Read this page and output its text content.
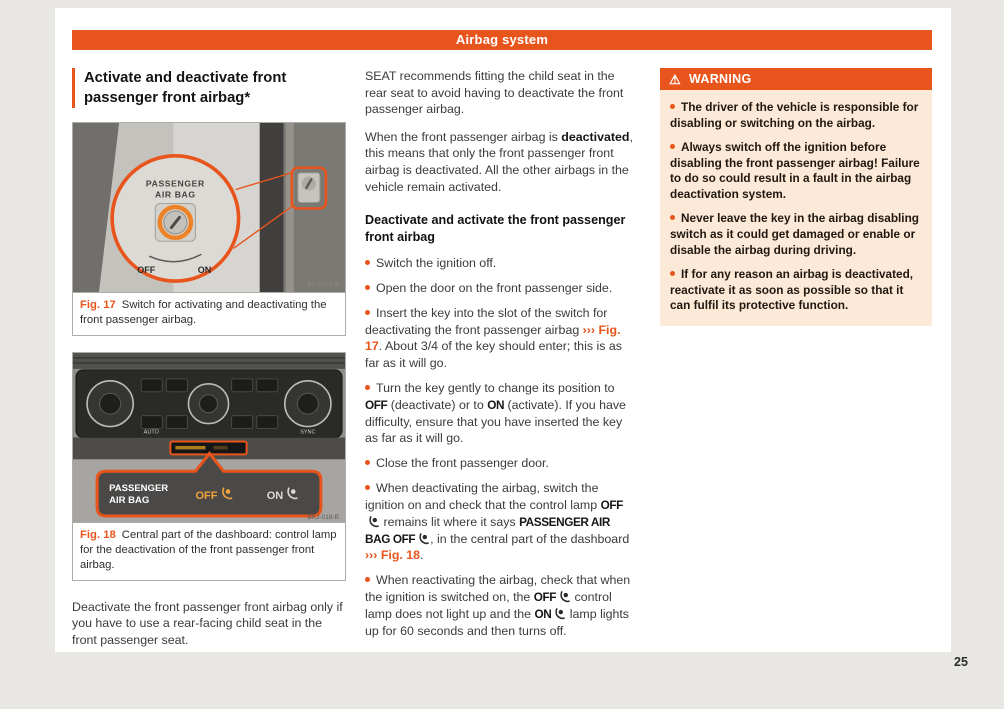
Airbag system
Activate and deactivate front passenger front airbag*
PASSENGER
AIR BAG
OFF	ON
BKJ-016-B
Fig. 17 Switch for activating and deactivating the front passenger airbag.
AUTO	SYNC
PASSENGER
AIR BAG	OFF	ON
BKJ-018-B
Fig. 18 Central part of the dashboard: control lamp for the deactivation of the front passenger front airbag.

Deactivate the front passenger front airbag only if you have to use a rear-facing child seat in the front passenger seat.

SEAT recommends fitting the child seat in the rear seat to avoid having to deactivate the front passenger airbag.

When the front passenger airbag is deactivated, this means that only the front passenger front airbag is deactivated. All the other airbags in the vehicle remain activated.

Deactivate and activate the front passenger front airbag

Switch the ignition off.

Open the door on the front passenger side.

Insert the key into the slot of the switch for deactivating the front passenger airbag ››› Fig. 17. About 3/4 of the key should enter; this is as far as it will go.

Turn the key gently to change its position to OFF (deactivate) or to ON (activate). If you have difficulty, ensure that you have inserted the key as far as it will go.

Close the front passenger door.

When deactivating the airbag, switch the ignition on and check that the control lamp OFF
remains lit where it says PASSENGER AIR BAG OFF , in the central part of the dashboard ››› Fig. 18.

When reactivating the airbag, check that when the ignition is switched on, the OFF
control lamp does not light up and the ON
lamp lights up for 60 seconds and then turns off.

⚠ WARNING

The driver of the vehicle is responsible for disabling or switching on the airbag.

Always switch off the ignition before disabling the front passenger airbag! Failure to do so could result in a fault in the airbag deactivation system.

Never leave the key in the airbag disabling switch as it could get damaged or enable or disable the airbag during driving.

If for any reason an airbag is deactivated, reactivate it as soon as possible so that it can fulfil its protective function.

25
